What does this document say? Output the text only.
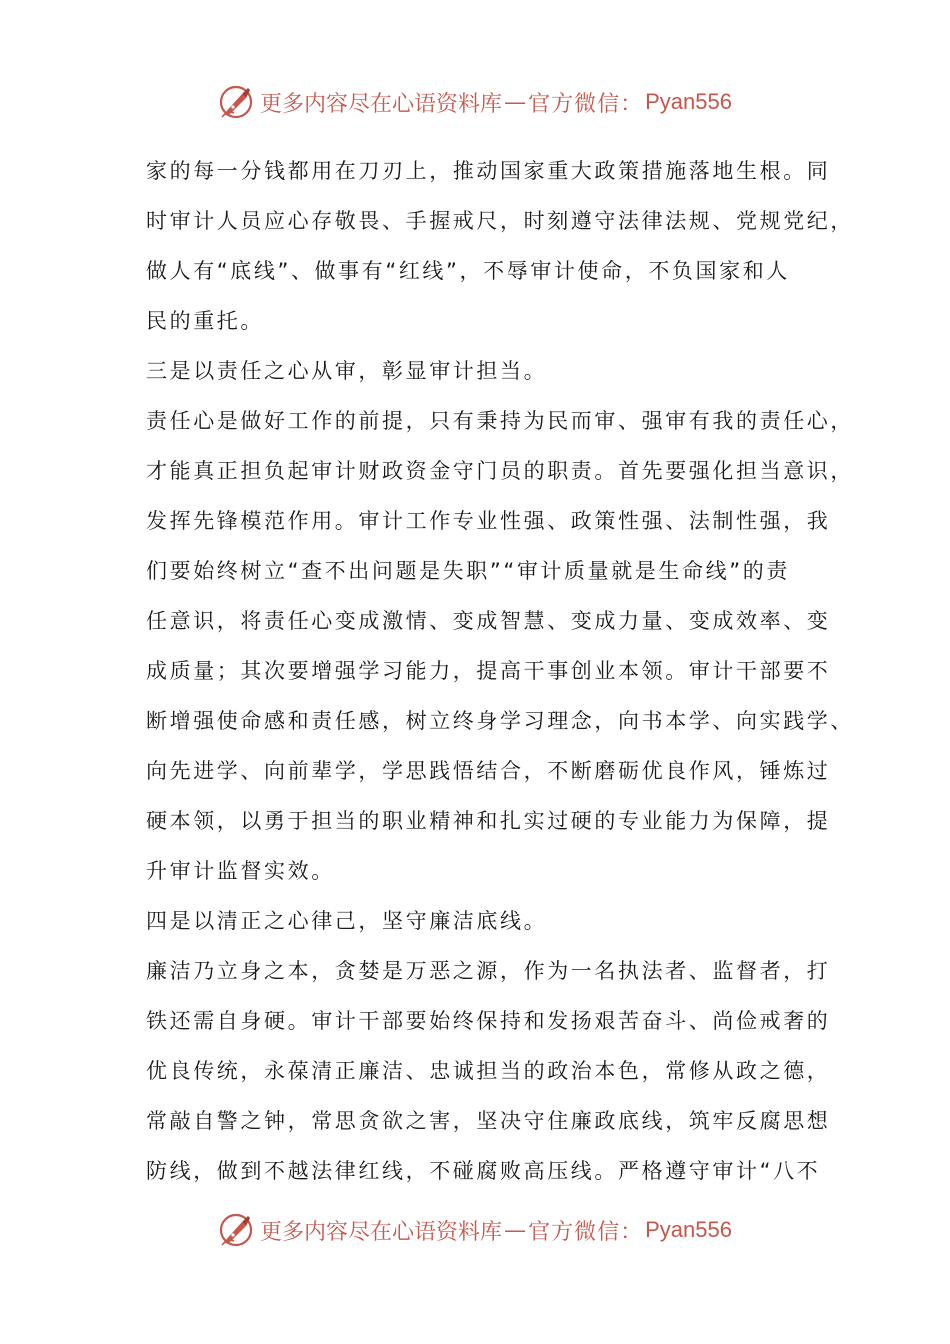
更多内容尽在心语资料库 — 官方微信： Pyan556
家的每一分钱都用在刀刃上，推动国家重大政策措施落地生根。同
时审计人员应心存敬畏、手握戒尺，时刻遵守法律法规、党规党纪，
做人有“底线”、做事有“红线”，不辱审计使命，不负国家和人
民的重托。
三是以责任之心从审，彰显审计担当。
责任心是做好工作的前提，只有秉持为民而审、强审有我的责任心，
才能真正担负起审计财政资金守门员的职责。首先要强化担当意识，
发挥先锋模范作用。审计工作专业性强、政策性强、法制性强，我
们要始终树立“查不出问题是失职”“审计质量就是生命线”的责
任意识，将责任心变成激情、变成智慧、变成力量、变成效率、变
成质量；其次要增强学习能力，提高干事创业本领。审计干部要不
断增强使命感和责任感，树立终身学习理念，向书本学、向实践学、
向先进学、向前辈学，学思践悟结合，不断磨砺优良作风，锤炼过
硬本领，以勇于担当的职业精神和扎实过硬的专业能力为保障，提
升审计监督实效。
四是以清正之心律己，坚守廉洁底线。
廉洁乃立身之本，贪婪是万恶之源，作为一名执法者、监督者，打
铁还需自身硬。审计干部要始终保持和发扬艰苦奋斗、尚俭戒奢的
优良传统，永葆清正廉洁、忠诚担当的政治本色，常修从政之德，
常敲自警之钟，常思贪欲之害，坚决守住廉政底线，筑牢反腐思想
防线，做到不越法律红线，不碰腐败高压线。严格遵守审计“八不
更多内容尽在心语资料库 — 官方微信： Pyan556
